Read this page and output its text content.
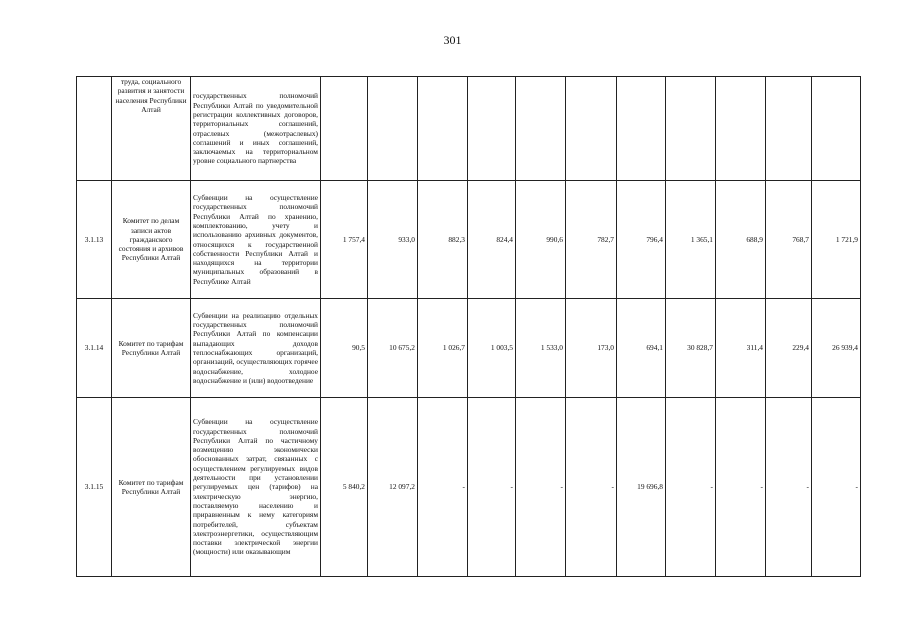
301
	труда, социального развития и занятости населения Республики Алтай	государственных полномочий Республики Алтай по уведомительной регистрации коллективных договоров, территориальных соглашений, отраслевых (межотраслевых) соглашений и иных соглашений, заключаемых на территориальном уровне социального партнерства											
3.1.13	Комитет по делам записи актов гражданского состояния и архивов Республики Алтай	Субвенции на осуществление государственных полномочий Республики Алтай по хранению, комплектованию, учету и использованию архивных документов, относящихся к государственной собственности Республики Алтай и находящихся на территории муниципальных образований в Республике Алтай	1 757,4	933,0	882,3	824,4	990,6	782,7	796,4	1 365,1	688,9	768,7	1 721,9
3.1.14	Комитет по тарифам Республики Алтай	Субвенции на реализацию отдельных государственных полномочий Республики Алтай по компенсации выпадающих доходов теплоснабжающих организаций, организаций, осуществляющих горячее водоснабжение, холодное водоснабжение и (или) водоотведение	90,5	10 675,2	1 026,7	1 003,5	1 533,0	173,0	694,1	30 828,7	311,4	229,4	26 939,4
3.1.15	Комитет по тарифам Республики Алтай	Субвенции на осуществление государственных полномочий Республики Алтай по частичному возмещению экономически обоснованных затрат, связанных с осуществлением регулируемых видов деятельности при установлении регулируемых цен (тарифов) на электрическую энергию, поставляемую населению и приравненным к нему категориям потребителей, субъектам электроэнергетики, осуществляющим поставки электрической энергии (мощности) или оказывающим	5 840,2	12 097,2	-	-	-	-	19 696,8	-	-	-	-
